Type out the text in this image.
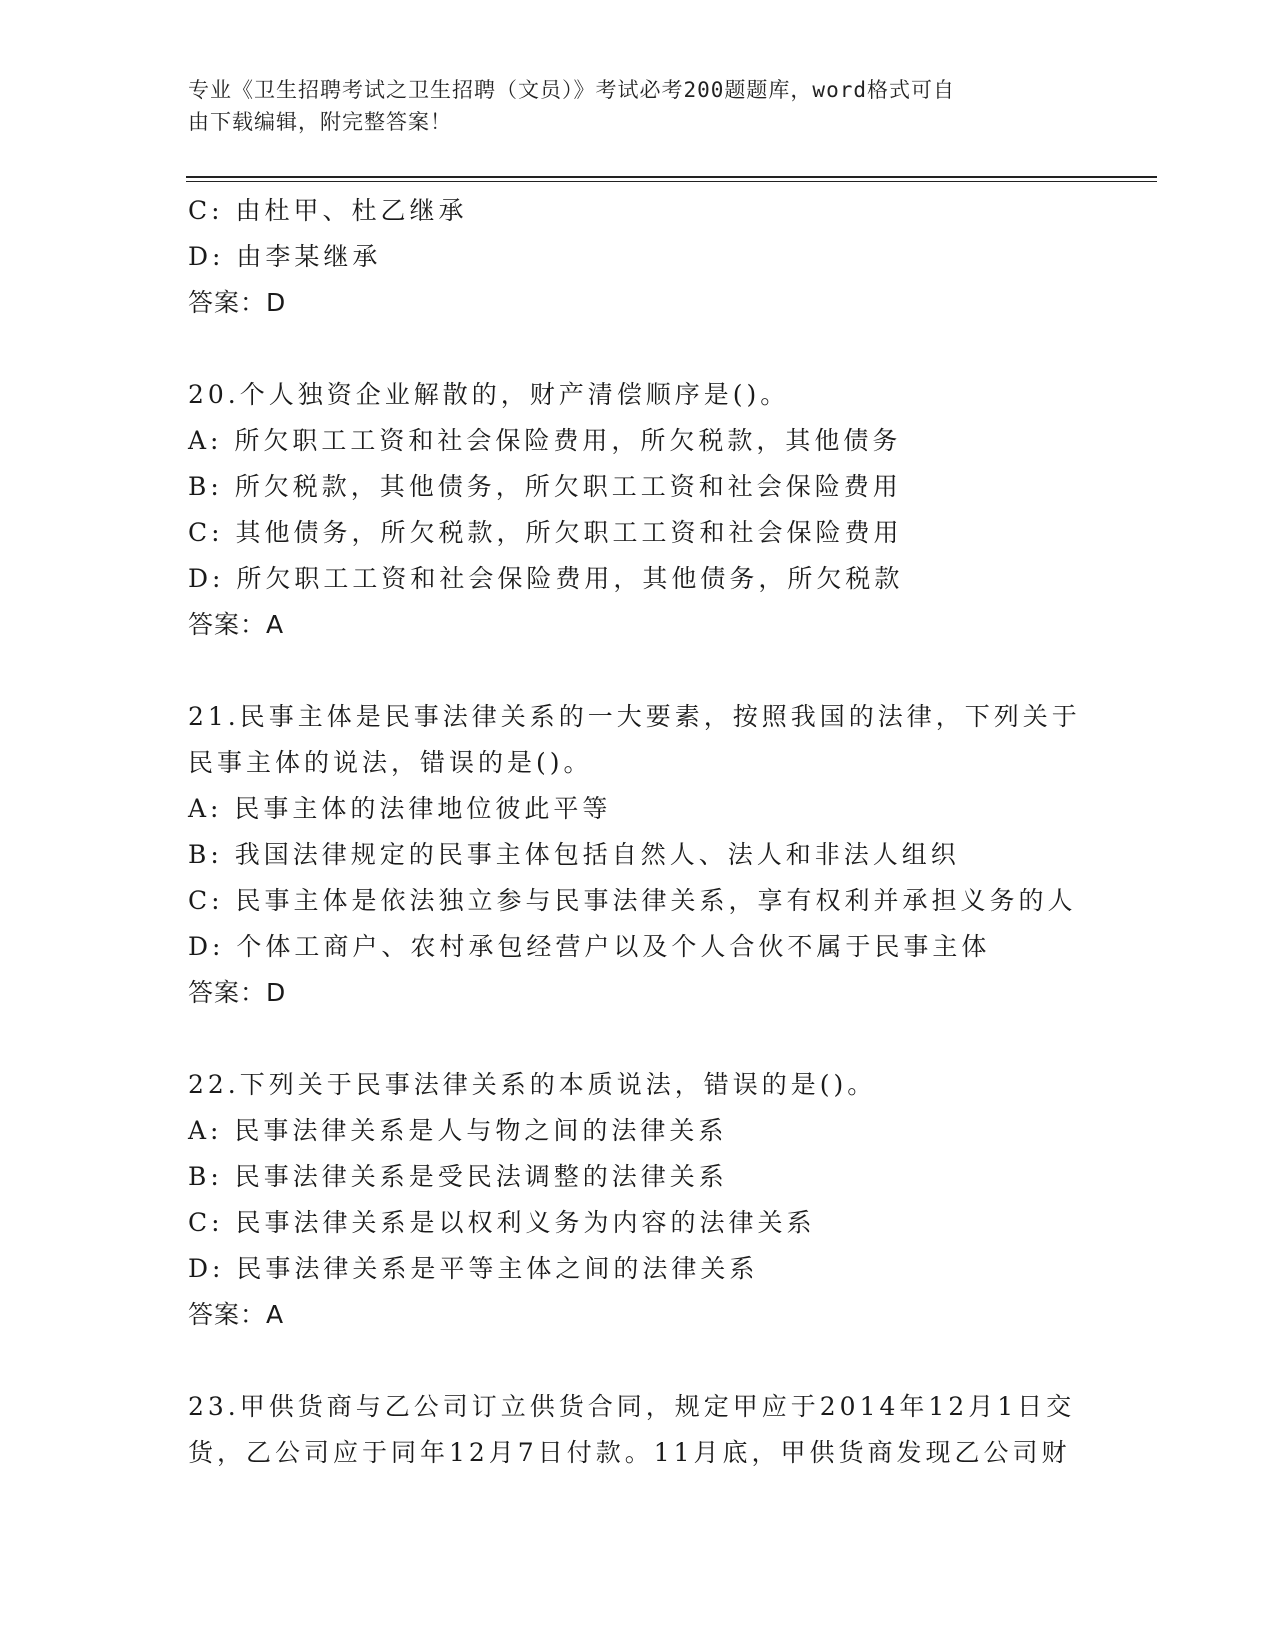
专业《卫生招聘考试之卫生招聘（文员）》考试必考200题题库，word格式可自
由下载编辑，附完整答案！
C: 由杜甲、杜乙继承
D: 由李某继承
答案：D
20.个人独资企业解散的，财产清偿顺序是()。
A: 所欠职工工资和社会保险费用，所欠税款，其他债务
B: 所欠税款，其他债务，所欠职工工资和社会保险费用
C: 其他债务，所欠税款，所欠职工工资和社会保险费用
D: 所欠职工工资和社会保险费用，其他债务，所欠税款
答案：A
21.民事主体是民事法律关系的一大要素，按照我国的法律，下列关于
民事主体的说法，错误的是()。
A: 民事主体的法律地位彼此平等
B: 我国法律规定的民事主体包括自然人、法人和非法人组织
C: 民事主体是依法独立参与民事法律关系，享有权利并承担义务的人
D: 个体工商户、农村承包经营户以及个人合伙不属于民事主体
答案：D
22.下列关于民事法律关系的本质说法，错误的是()。
A: 民事法律关系是人与物之间的法律关系
B: 民事法律关系是受民法调整的法律关系
C: 民事法律关系是以权利义务为内容的法律关系
D: 民事法律关系是平等主体之间的法律关系
答案：A
23.甲供货商与乙公司订立供货合同，规定甲应于2014年12月1日交
货，乙公司应于同年12月7日付款。11月底，甲供货商发现乙公司财
